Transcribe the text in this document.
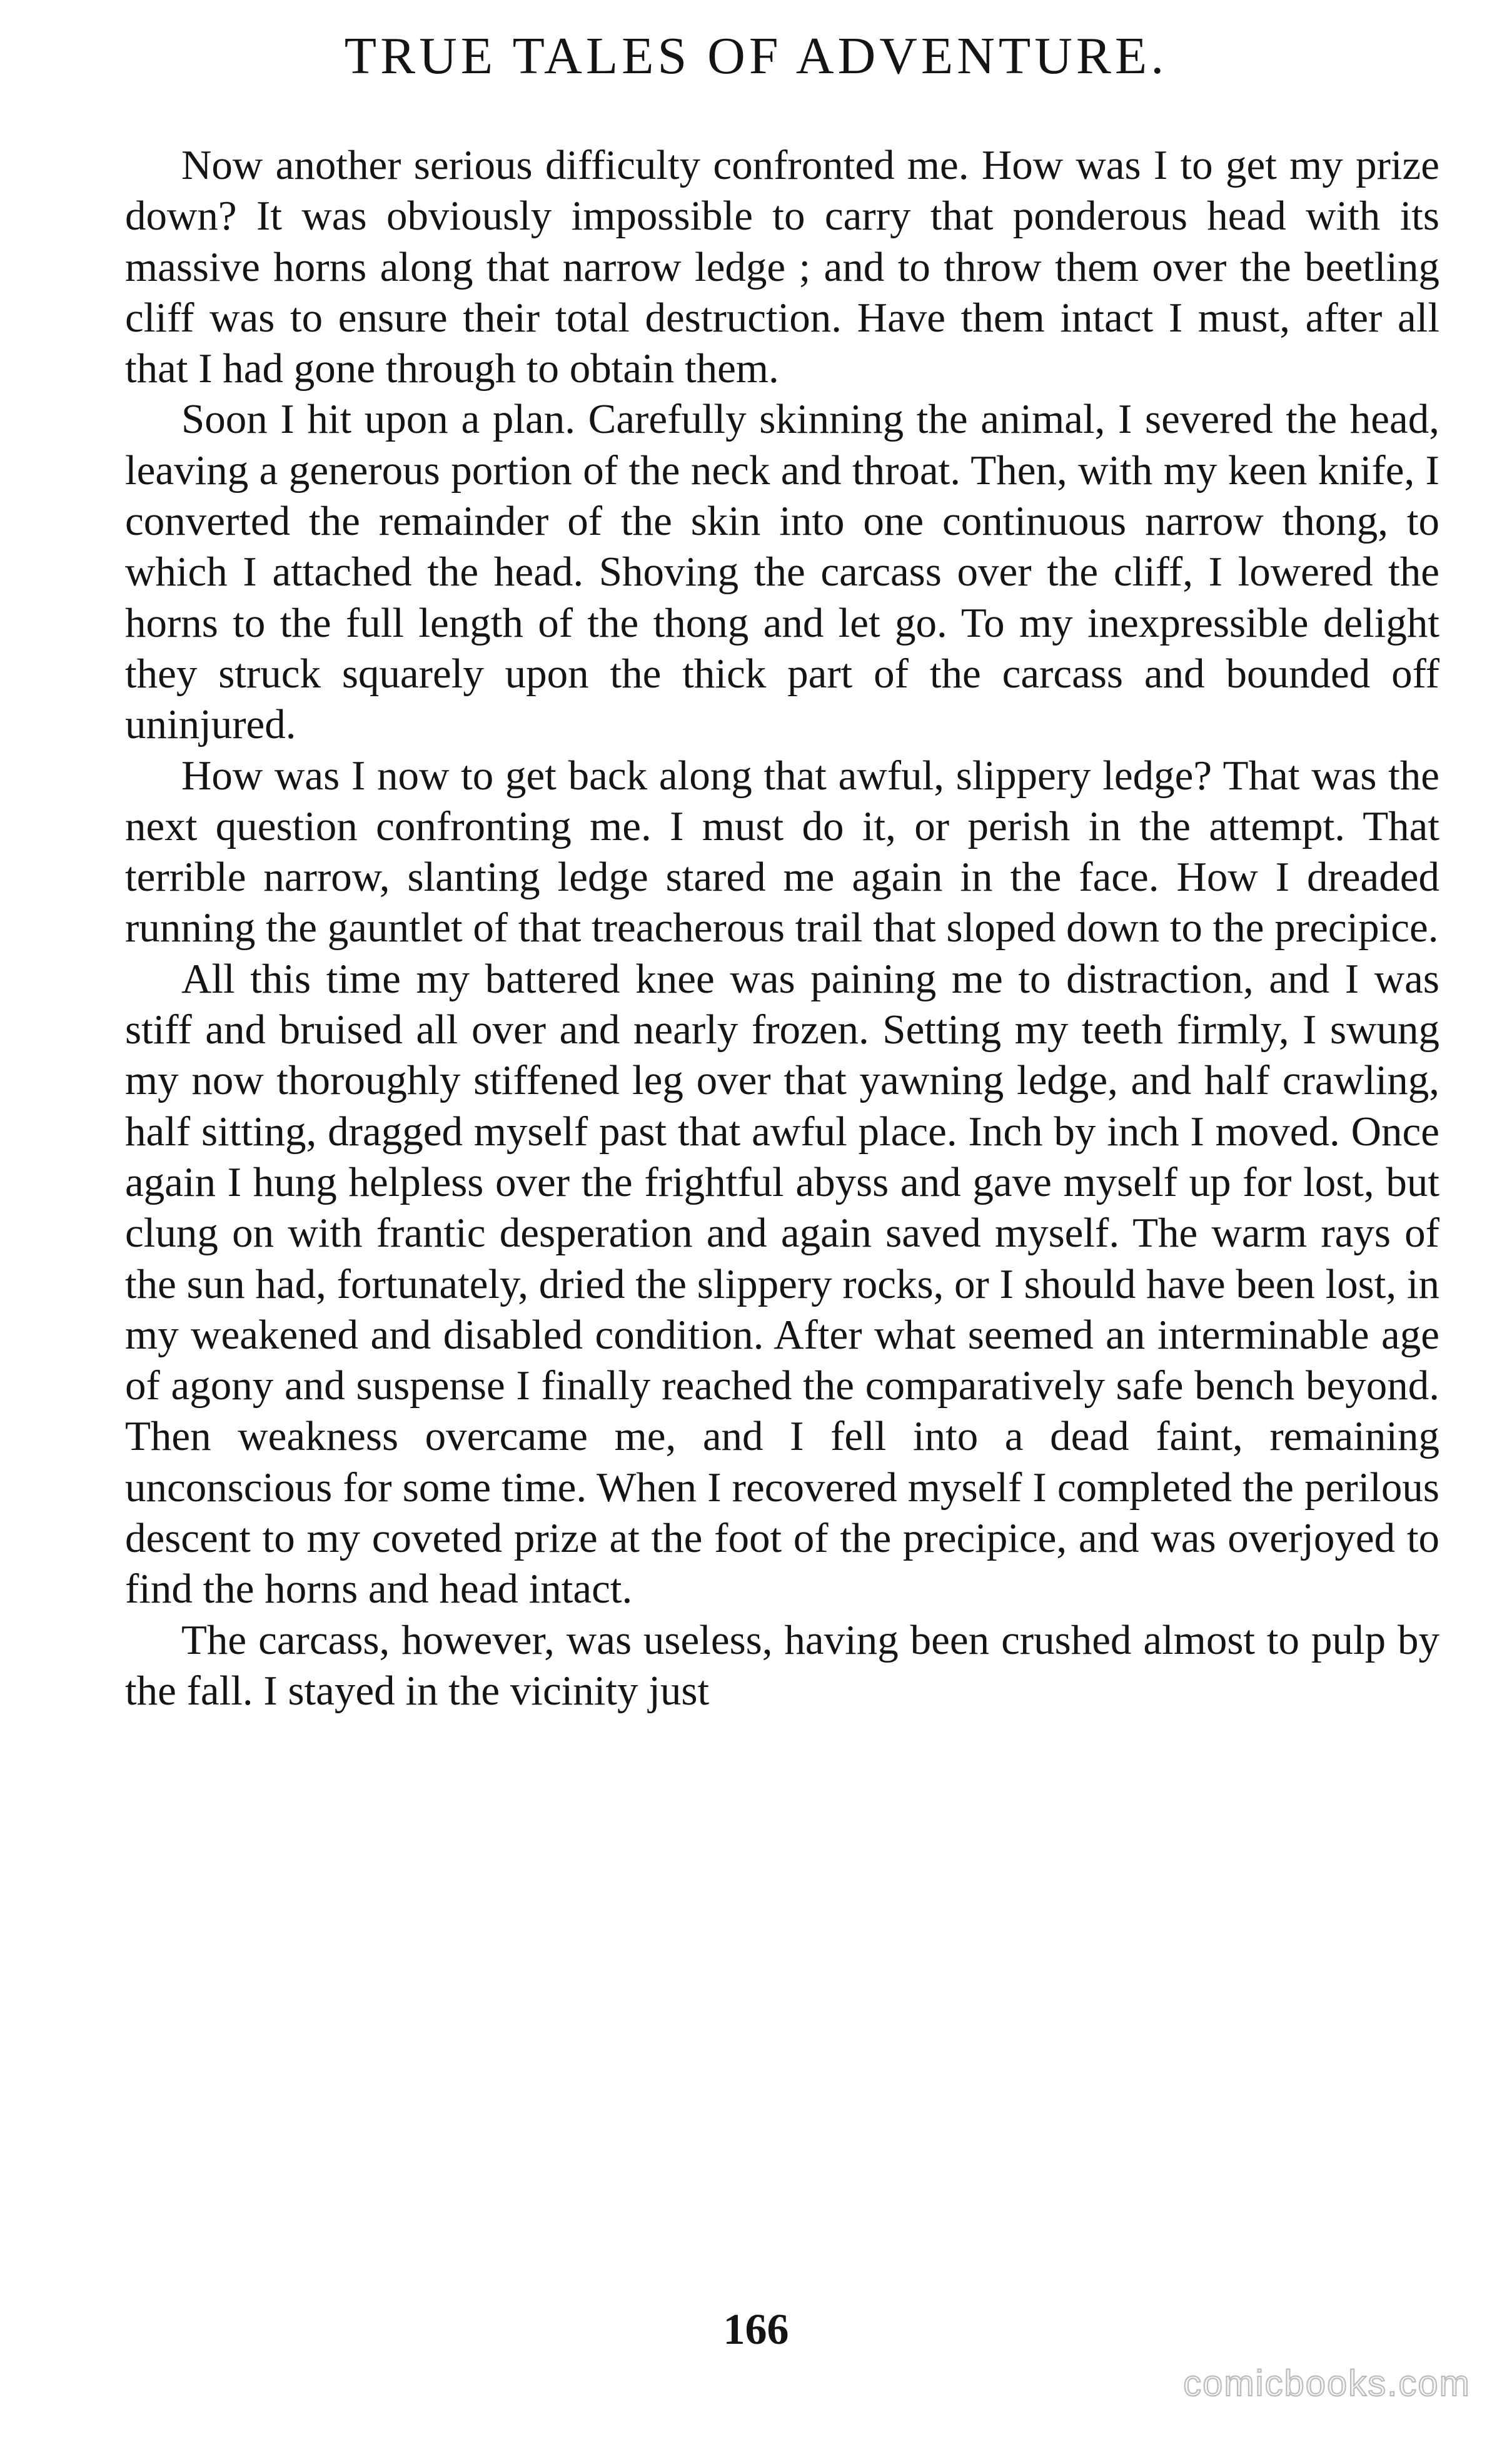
TRUE TALES OF ADVENTURE.

Now another serious difficulty confronted me. How was I to get my prize down? It was obviously impossible to carry that ponderous head with its massive horns along that narrow ledge ; and to throw them over the beetling cliff was to ensure their total destruction. Have them intact I must, after all that I had gone through to obtain them.

Soon I hit upon a plan. Carefully skinning the animal, I severed the head, leaving a generous portion of the neck and throat. Then, with my keen knife, I converted the remainder of the skin into one continuous narrow thong, to which I attached the head. Shoving the carcass over the cliff, I lowered the horns to the full length of the thong and let go. To my inexpressible delight they struck squarely upon the thick part of the carcass and bounded off uninjured.

How was I now to get back along that awful, slippery ledge? That was the next question confronting me. I must do it, or perish in the attempt. That terrible narrow, slanting ledge stared me again in the face. How I dreaded running the gauntlet of that treacherous trail that sloped down to the precipice.

All this time my battered knee was paining me to distraction, and I was stiff and bruised all over and nearly frozen. Setting my teeth firmly, I swung my now thoroughly stiffened leg over that yawning ledge, and half crawling, half sitting, dragged myself past that awful place. Inch by inch I moved. Once again I hung helpless over the frightful abyss and gave myself up for lost, but clung on with frantic desperation and again saved myself. The warm rays of the sun had, fortunately, dried the slippery rocks, or I should have been lost, in my weakened and disabled condition. After what seemed an interminable age of agony and suspense I finally reached the comparatively safe bench beyond. Then weakness overcame me, and I fell into a dead faint, remaining unconscious for some time. When I recovered myself I completed the perilous descent to my coveted prize at the foot of the precipice, and was overjoyed to find the horns and head intact.

The carcass, however, was useless, having been crushed almost to pulp by the fall. I stayed in the vicinity just

166
comicbooks.com
